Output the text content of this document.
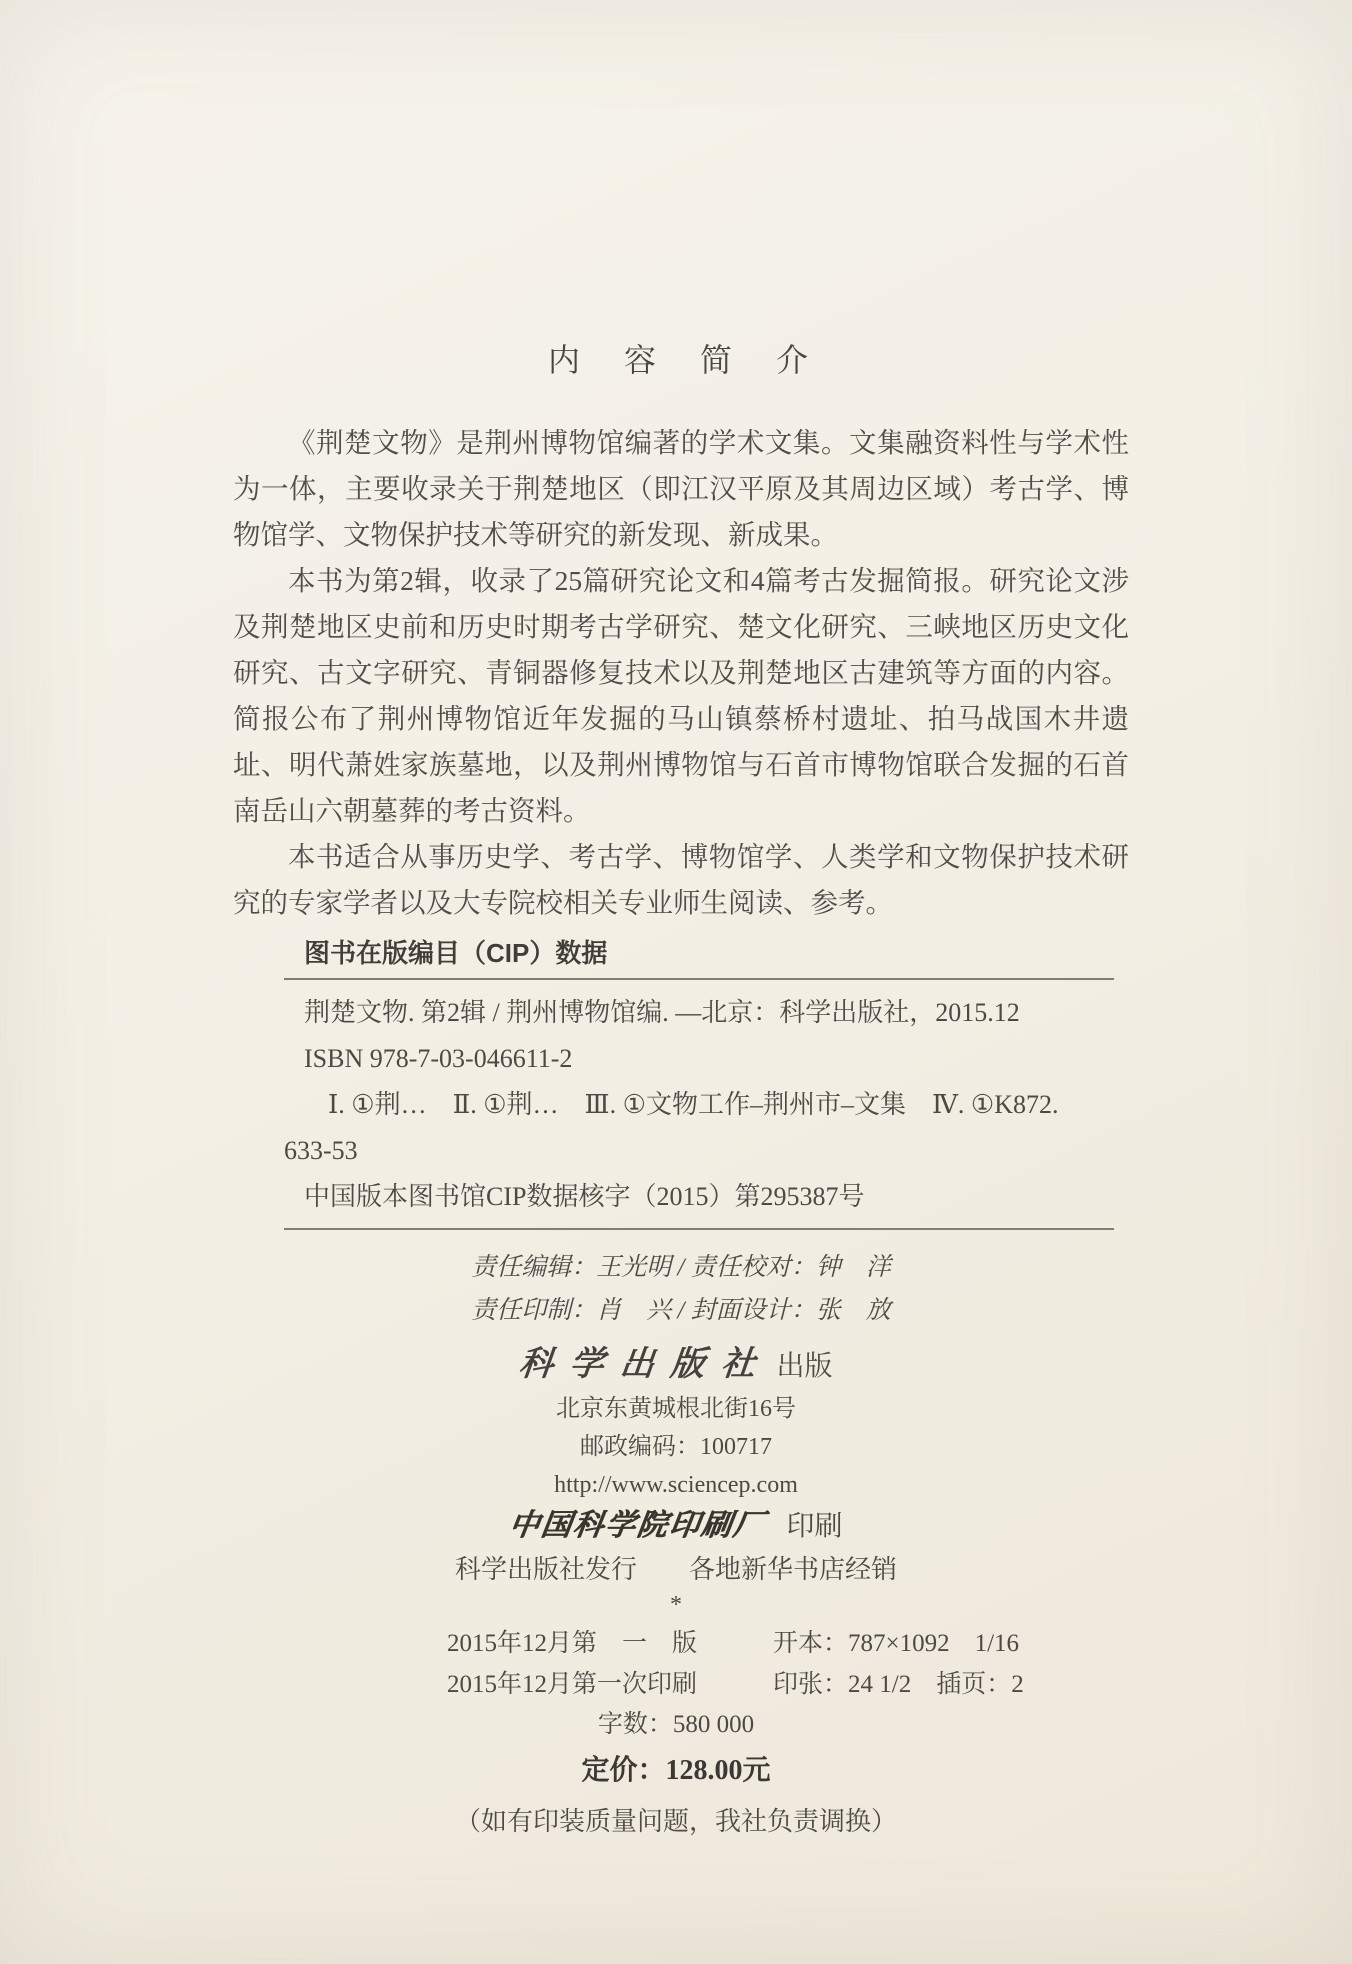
内　容　简　介

《荆楚文物》是荆州博物馆编著的学术文集。文集融资料性与学术性为一体，主要收录关于荆楚地区（即江汉平原及其周边区域）考古学、博物馆学、文物保护技术等研究的新发现、新成果。

本书为第2辑，收录了25篇研究论文和4篇考古发掘简报。研究论文涉及荆楚地区史前和历史时期考古学研究、楚文化研究、三峡地区历史文化研究、古文字研究、青铜器修复技术以及荆楚地区古建筑等方面的内容。简报公布了荆州博物馆近年发掘的马山镇蔡桥村遗址、拍马战国木井遗址、明代萧姓家族墓地，以及荆州博物馆与石首市博物馆联合发掘的石首南岳山六朝墓葬的考古资料。

本书适合从事历史学、考古学、博物馆学、人类学和文物保护技术研究的专家学者以及大专院校相关专业师生阅读、参考。

图书在版编目（CIP）数据
荆楚文物. 第2辑 / 荆州博物馆编. —北京：科学出版社，2015.12
ISBN 978-7-03-046611-2
Ⅰ. ①荆…　Ⅱ. ①荆…　Ⅲ. ①文物工作–荆州市–文集　Ⅳ. ①K872.
633-53
中国版本图书馆CIP数据核字（2015）第295387号
责任编辑：王光明 / 责任校对：钟　洋
责任印制：肖　兴 / 封面设计：张　放
科 学 出 版 社 出版
北京东黄城根北街16号
邮政编码：100717
http://www.sciencep.com
中国科学院印刷厂 印刷
科学出版社发行　　各地新华书店经销
*
2015年12月第　一　版	开本：787×1092　1/16
2015年12月第一次印刷	印张：24 1/2　插页：2
字数：580 000
定价：128.00元
（如有印装质量问题，我社负责调换）
